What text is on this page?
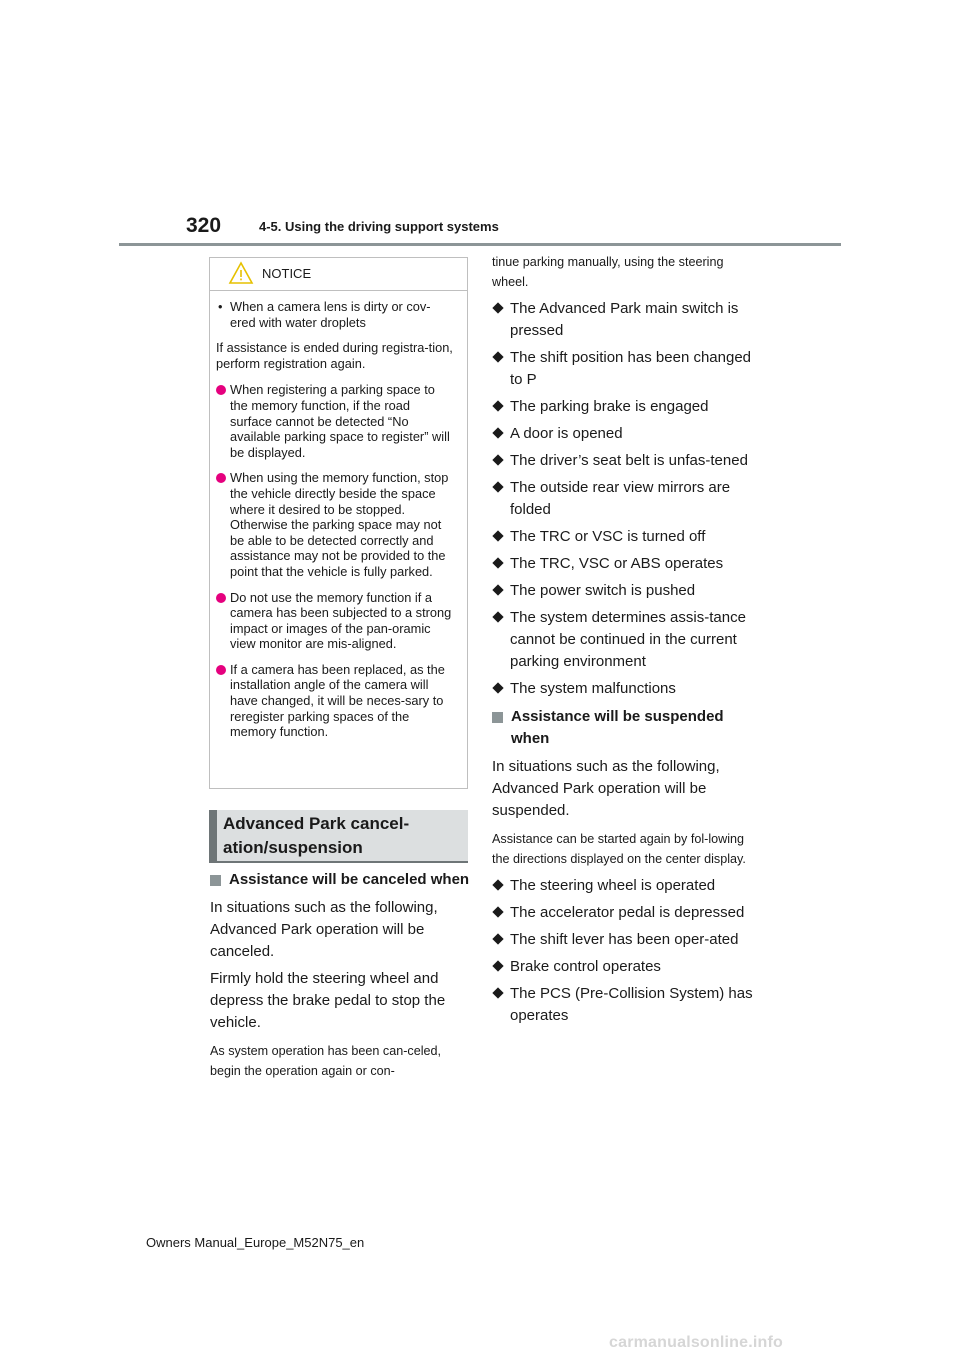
320	4-5. Using the driving support systems
NOTICE
• When a camera lens is dirty or cov-ered with water droplets
If assistance is ended during registra-tion, perform registration again.
When registering a parking space to the memory function, if the road surface cannot be detected “No available parking space to register” will be displayed.
When using the memory function, stop the vehicle directly beside the space where it desired to be stopped. Otherwise the parking space may not be able to be detected correctly and assistance may not be provided to the point that the vehicle is fully parked.
Do not use the memory function if a camera has been subjected to a strong impact or images of the pan-oramic view monitor are mis-aligned.
If a camera has been replaced, as the installation angle of the camera will have changed, it will be neces-sary to reregister parking spaces of the memory function.
Advanced Park cancel-
ation/suspension
Assistance will be canceled when
In situations such as the following, Advanced Park operation will be canceled.
Firmly hold the steering wheel and depress the brake pedal to stop the vehicle.
As system operation has been can-celed, begin the operation again or con-
tinue parking manually, using the steering wheel.
The Advanced Park main switch is pressed
The shift position has been changed to P
The parking brake is engaged
A door is opened
The driver’s seat belt is unfas-tened
The outside rear view mirrors are folded
The TRC or VSC is turned off
The TRC, VSC or ABS operates
The power switch is pushed
The system determines assis-tance cannot be continued in the current parking environment
The system malfunctions
Assistance will be suspended when
In situations such as the following, Advanced Park operation will be suspended.
Assistance can be started again by fol-lowing the directions displayed on the center display.
The steering wheel is operated
The accelerator pedal is depressed
The shift lever has been oper-ated
Brake control operates
The PCS (Pre-Collision System) has operates
Owners Manual_Europe_M52N75_en
carmanualsonline.info
